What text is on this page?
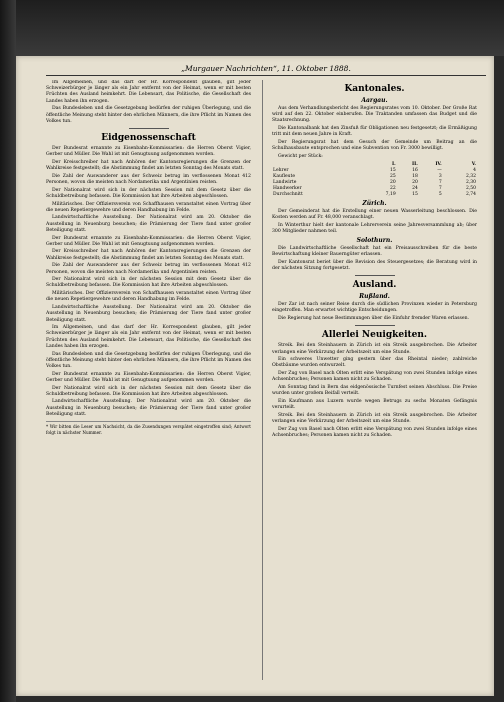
„Murgauer Nachrichten“, 11. Oktober 1888.

Im Allgemeinen, und das darf der Hr. Korrespondent glauben, gilt jeder Schweizerbürger je länger als ein Jahr entfernt von der Heimat, wenn er mit besten Früchten des Ausland heimkehrt. Die Lebensart, das Politische, die Gesellschaft des Landes haben ihn erzogen.

Das Bundesleben und die Gesetzgebung bedürfen der ruhigen Überlegung, und die öffentliche Meinung steht hinter den ehrlichen Männern, die ihre Pflicht im Namen des Volkes tun.

Eidgenossenschaft

Der Bundesrat ernannte zu Eisenbahn-Kommissarien: die Herren Oberst Vigier, Gerber und Müller. Die Wahl ist mit Genugtuung aufgenommen worden.

Der Kreisschreiber hat nach Anhören der Kantonsregierungen die Grenzen der Wahlkreise festgestellt; die Abstimmung findet am letzten Sonntag des Monats statt.

Die Zahl der Auswanderer aus der Schweiz betrug im verflossenen Monat 412 Personen, wovon die meisten nach Nordamerika und Argentinien reisten.

Der Nationalrat wird sich in der nächsten Session mit dem Gesetz über die Schuldbetreibung befassen. Die Kommission hat ihre Arbeiten abgeschlossen.

Militärisches. Der Offiziersverein von Schaffhausen veranstaltet einen Vortrag über die neuen Repetiergewehre und deren Handhabung im Felde.

Landwirtschaftliche Ausstellung. Der Nationalrat wird am 20. Oktober die Ausstellung in Neuenburg besuchen; die Prämierung der Tiere fand unter großer Beteiligung statt.

Der Bundesrat ernannte zu Eisenbahn-Kommissarien: die Herren Oberst Vigier, Gerber und Müller. Die Wahl ist mit Genugtuung aufgenommen worden.

Der Kreisschreiber hat nach Anhören der Kantonsregierungen die Grenzen der Wahlkreise festgestellt; die Abstimmung findet am letzten Sonntag des Monats statt.

Die Zahl der Auswanderer aus der Schweiz betrug im verflossenen Monat 412 Personen, wovon die meisten nach Nordamerika und Argentinien reisten.

Der Nationalrat wird sich in der nächsten Session mit dem Gesetz über die Schuldbetreibung befassen. Die Kommission hat ihre Arbeiten abgeschlossen.

Militärisches. Der Offiziersverein von Schaffhausen veranstaltet einen Vortrag über die neuen Repetiergewehre und deren Handhabung im Felde.

Landwirtschaftliche Ausstellung. Der Nationalrat wird am 20. Oktober die Ausstellung in Neuenburg besuchen; die Prämierung der Tiere fand unter großer Beteiligung statt.

Im Allgemeinen, und das darf der Hr. Korrespondent glauben, gilt jeder Schweizerbürger je länger als ein Jahr entfernt von der Heimat, wenn er mit besten Früchten des Ausland heimkehrt. Die Lebensart, das Politische, die Gesellschaft des Landes haben ihn erzogen.

Das Bundesleben und die Gesetzgebung bedürfen der ruhigen Überlegung, und die öffentliche Meinung steht hinter den ehrlichen Männern, die ihre Pflicht im Namen des Volkes tun.

Der Bundesrat ernannte zu Eisenbahn-Kommissarien: die Herren Oberst Vigier, Gerber und Müller. Die Wahl ist mit Genugtuung aufgenommen worden.

Der Nationalrat wird sich in der nächsten Session mit dem Gesetz über die Schuldbetreibung befassen. Die Kommission hat ihre Arbeiten abgeschlossen.

Landwirtschaftliche Ausstellung. Der Nationalrat wird am 20. Oktober die Ausstellung in Neuenburg besuchen; die Prämierung der Tiere fand unter großer Beteiligung statt.

* Wir bitten die Leser um Nachsicht, da die Zusendungen verspätet eingetroffen sind; Antwort folgt in nächster Nummer.
Kantonales.
Aargau.

Aus dem Verhandlungsbericht des Regierungsrates vom 10. Oktober. Der Große Rat wird auf den 22. Oktober einberufen. Die Traktanden umfassen das Budget und die Staatsrechnung.

Die Kantonalbank hat den Zinsfuß für Obligationen neu festgesetzt; die Ermäßigung tritt mit dem neuen Jahre in Kraft.

Der Regierungsrat hat dem Gesuch der Gemeinde um Beitrag an die Schulhausbaute entsprochen und eine Subvention von Fr. 3000 bewilligt.

Gewicht per Stück:

	I.	II.	IV.	V.
Lehrer	15	16	—	4
Kaufleute	25	18	3	2,32
Landwirte	20	20	7	2,30
Handwerker	22	24	7	2,50
Durchschnitt	7,19	15	5	2,74
Zürich.

Der Gemeinderat hat die Erstellung einer neuen Wasserleitung beschlossen. Die Kosten werden auf Fr. 48,000 veranschlagt.

In Winterthur hielt der kantonale Lehrerverein seine Jahresversammlung ab; über 300 Mitglieder nahmen teil.

Solothurn.

Die Landwirtschaftliche Gesellschaft hat ein Preisausschreiben für die beste Bewirtschaftung kleiner Bauerngüter erlassen.

Der Kantonsrat beriet über die Revision des Steuergesetzes; die Beratung wird in der nächsten Sitzung fortgesetzt.

Ausland.
Rußland.

Der Zar ist nach seiner Reise durch die südlichen Provinzen wieder in Petersburg eingetroffen. Man erwartet wichtige Entscheidungen.

Die Regierung hat neue Bestimmungen über die Einfuhr fremder Waren erlassen.

Allerlei Neuigkeiten.

Streik. Bei den Steinhauern in Zürich ist ein Streik ausgebrochen. Die Arbeiter verlangen eine Verkürzung der Arbeitszeit um eine Stunde.

Ein schweres Unwetter ging gestern über das Rheintal nieder; zahlreiche Obstbäume wurden entwurzelt.

Der Zug von Basel nach Olten erlitt eine Verspätung von zwei Stunden infolge eines Achsenbruches; Personen kamen nicht zu Schaden.

Am Sonntag fand in Bern das eidgenössische Turnfest seinen Abschluss. Die Preise wurden unter großem Beifall verteilt.

Ein Kaufmann aus Luzern wurde wegen Betrugs zu sechs Monaten Gefängnis verurteilt.

Streik. Bei den Steinhauern in Zürich ist ein Streik ausgebrochen. Die Arbeiter verlangen eine Verkürzung der Arbeitszeit um eine Stunde.

Der Zug von Basel nach Olten erlitt eine Verspätung von zwei Stunden infolge eines Achsenbruches; Personen kamen nicht zu Schaden.
